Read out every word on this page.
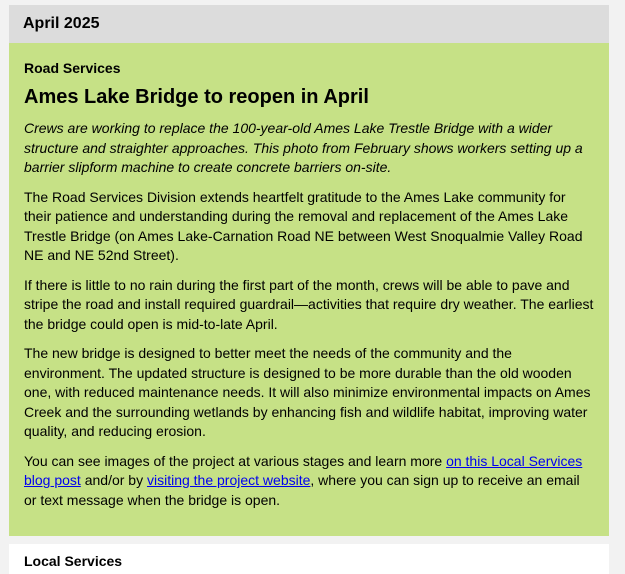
April 2025
Road Services
Ames Lake Bridge to reopen in April

Crews are working to replace the 100-year-old Ames Lake Trestle Bridge with a wider structure and straighter approaches. This photo from February shows workers setting up a barrier slipform machine to create concrete barriers on-site.

The Road Services Division extends heartfelt gratitude to the Ames Lake community for their patience and understanding during the removal and replacement of the Ames Lake Trestle Bridge (on Ames Lake-Carnation Road NE between West Snoqualmie Valley Road NE and NE 52nd Street).

If there is little to no rain during the first part of the month, crews will be able to pave and stripe the road and install required guardrail—activities that require dry weather. The earliest the bridge could open is mid-to-late April.

The new bridge is designed to better meet the needs of the community and the environment. The updated structure is designed to be more durable than the old wooden one, with reduced maintenance needs. It will also minimize environmental impacts on Ames Creek and the surrounding wetlands by enhancing fish and wildlife habitat, improving water quality, and reducing erosion.

You can see images of the project at various stages and learn more on this Local Services blog post and/or by visiting the project website, where you can sign up to receive an email or text message when the bridge is open.

Local Services
